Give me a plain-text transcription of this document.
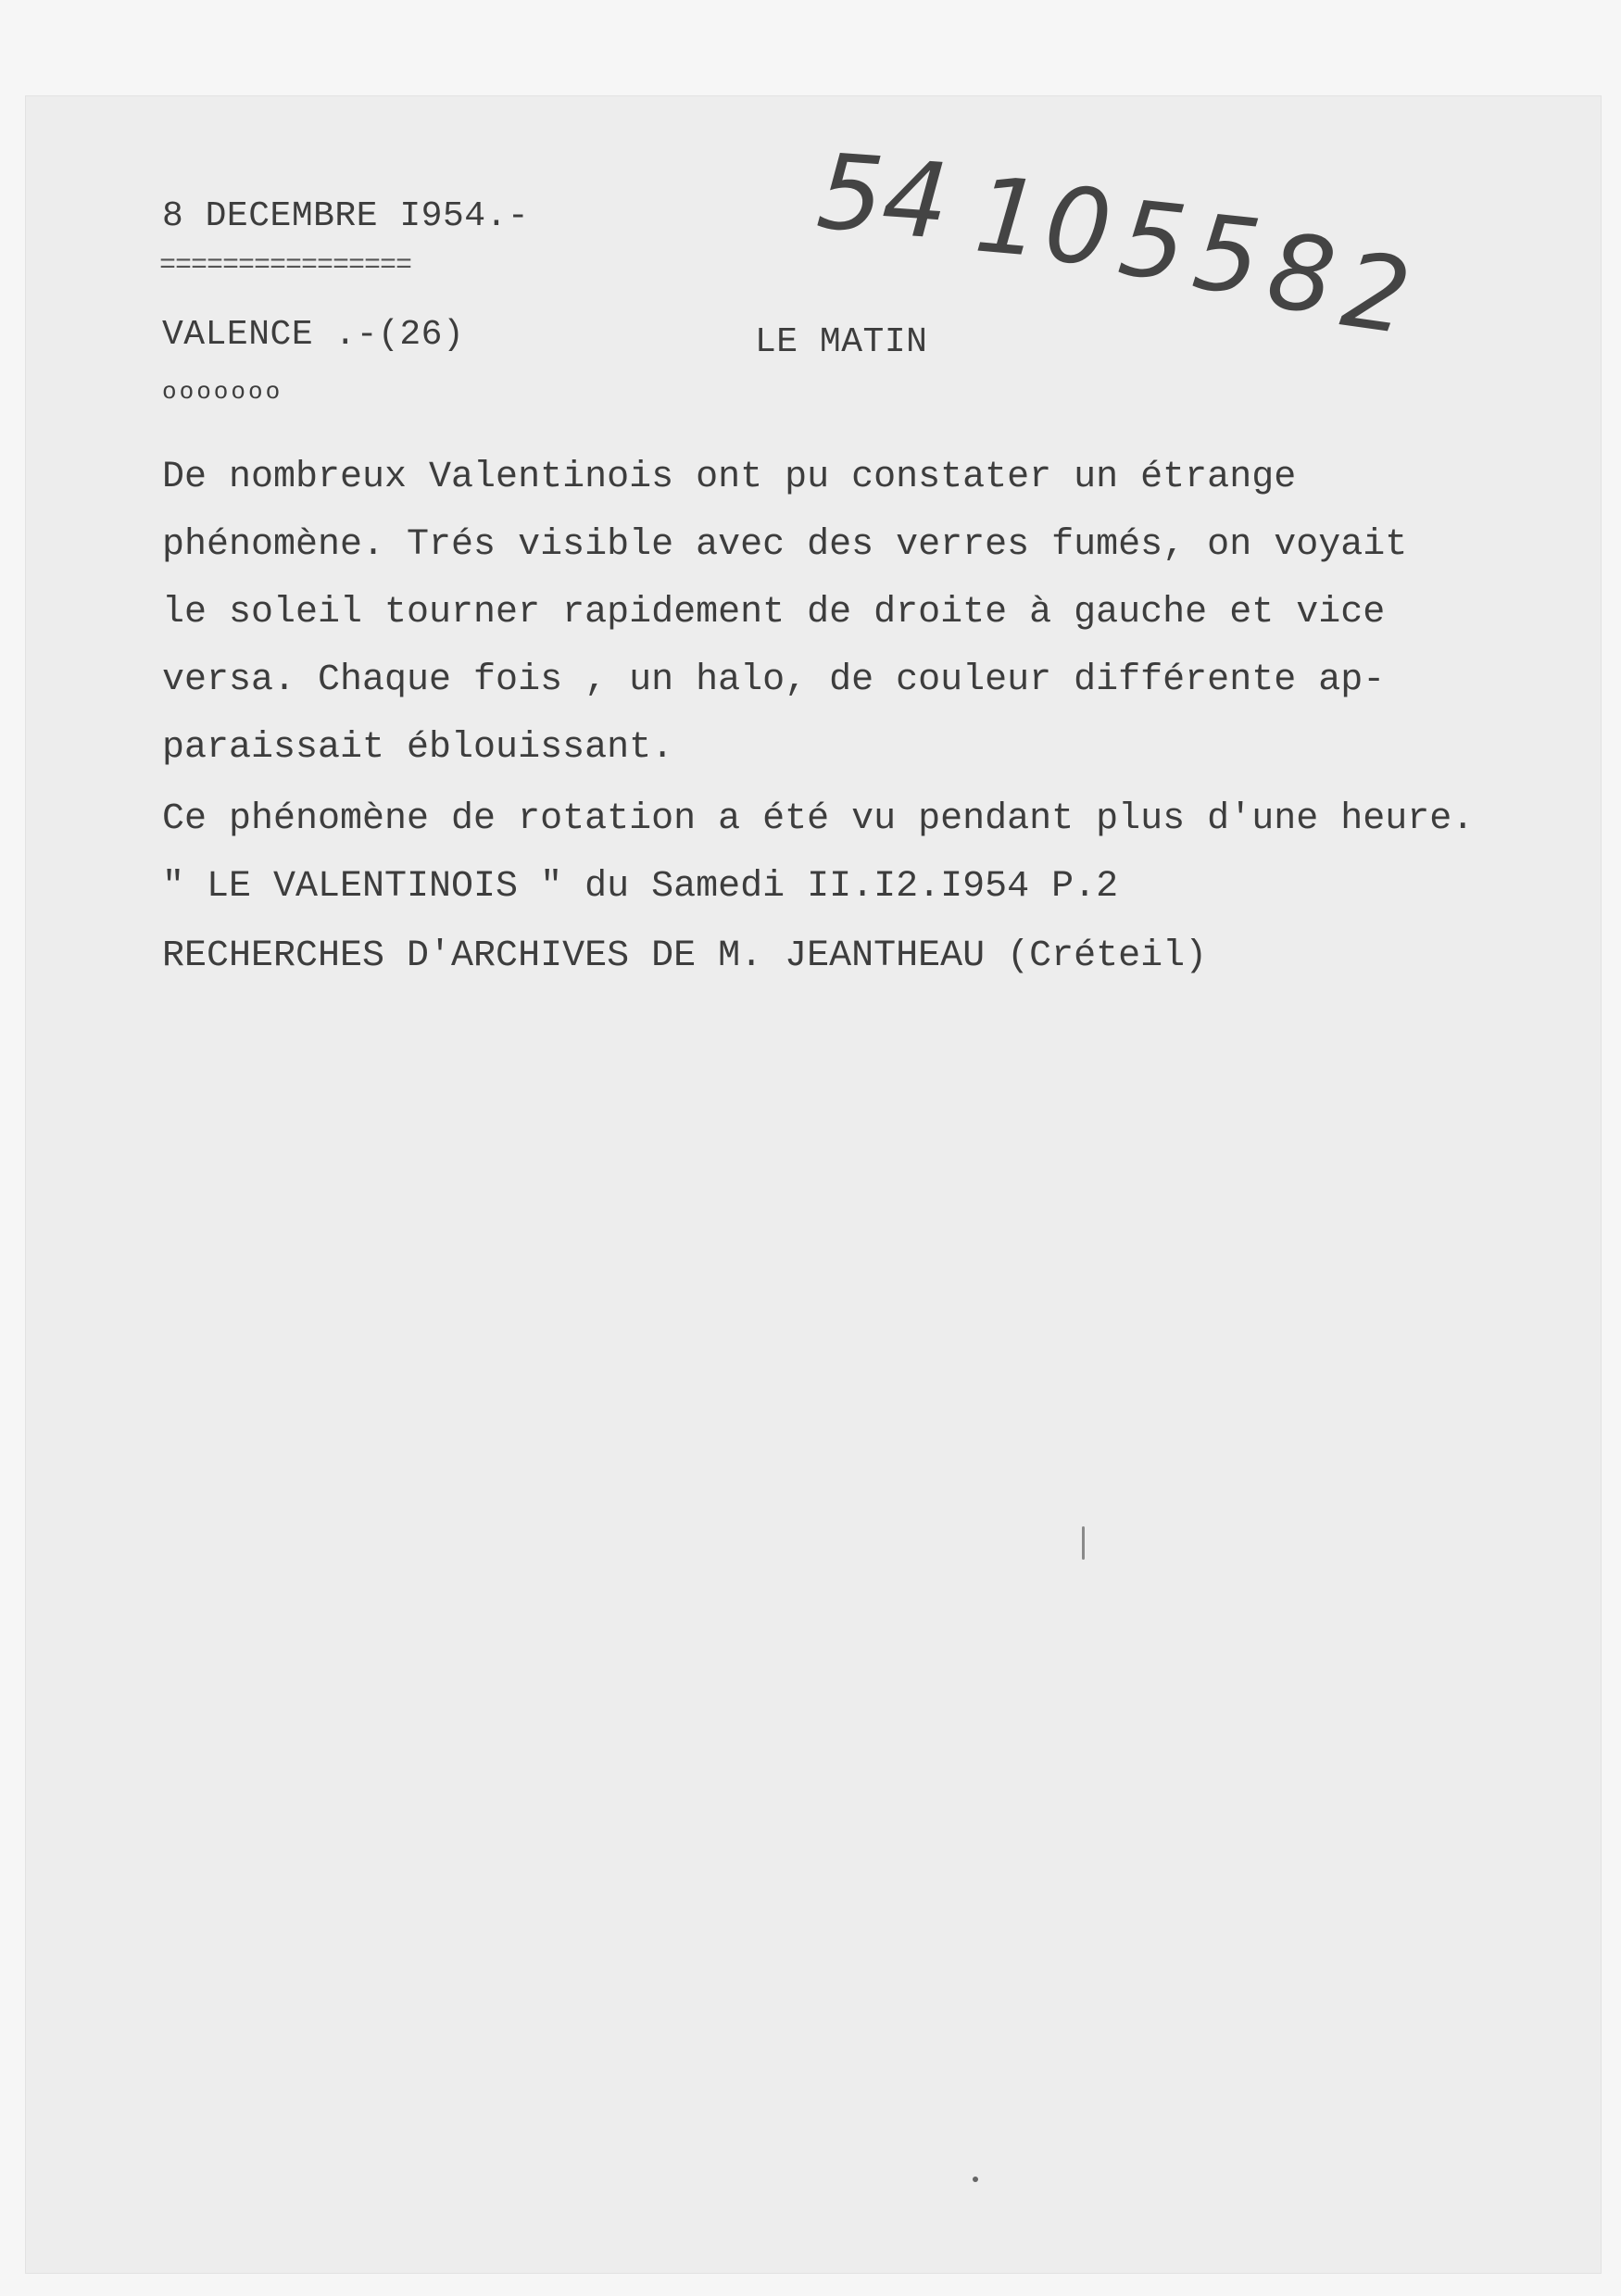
8 DECEMBRE I954.-
================
VALENCE .-(26)	LE MATIN
ooooooo
5
4 1
0
5
5
8
2
De nombreux Valentinois ont pu constater un étrange
phénomène. Trés visible avec des verres fumés, on voyait
le soleil tourner rapidement de droite à gauche et vice
versa. Chaque fois , un halo, de couleur différente ap-
paraissait éblouissant.
Ce phénomène de rotation a été vu pendant plus d'une heure.
" LE VALENTINOIS " du Samedi II.I2.I954 P.2
RECHERCHES D'ARCHIVES DE M. JEANTHEAU (Créteil)
